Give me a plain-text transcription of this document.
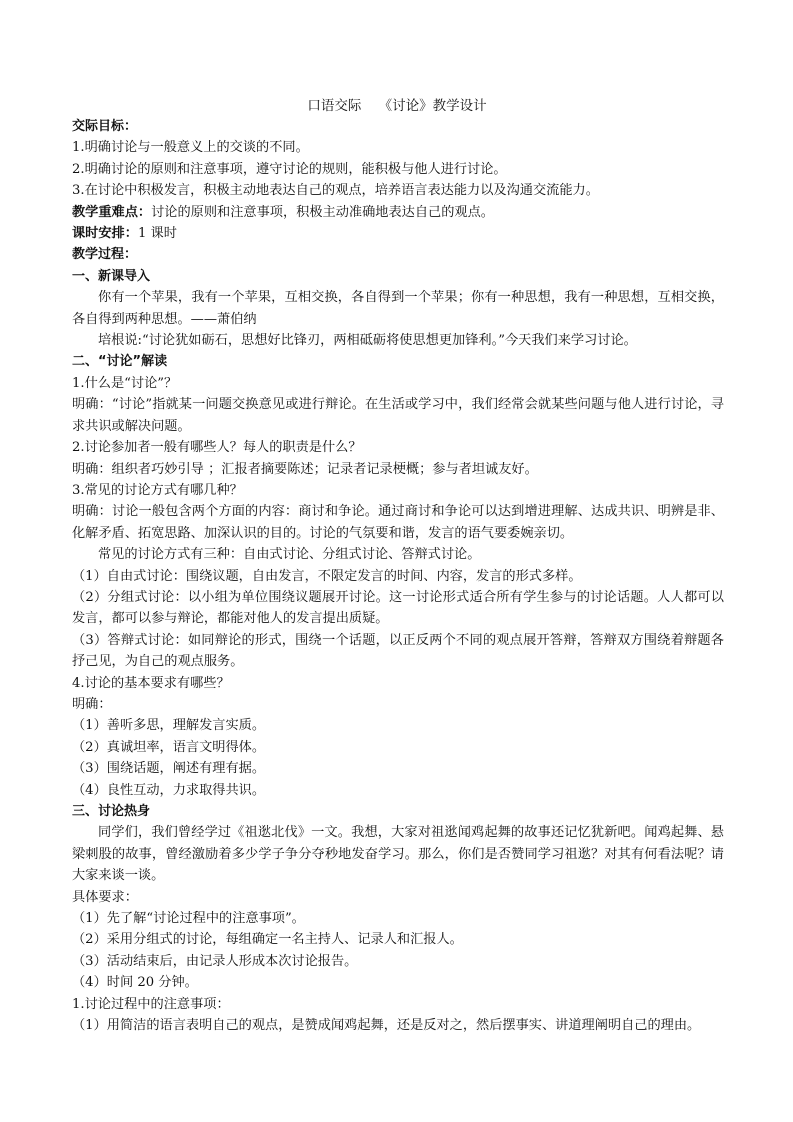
口语交际    《讨论》教学设计
交际目标：
1.明确讨论与一般意义上的交谈的不同。
2.明确讨论的原则和注意事项，遵守讨论的规则，能积极与他人进行讨论。
3.在讨论中积极发言，积极主动地表达自己的观点，培养语言表达能力以及沟通交流能力。
教学重难点：讨论的原则和注意事项，积极主动准确地表达自己的观点。
课时安排：1 课时
教学过程：
一、新课导入
你有一个苹果，我有一个苹果，互相交换，各自得到一个苹果；你有一种思想，我有一种思想，互相交换，各自得到两种思想。——萧伯纳
培根说:“讨论犹如砺石，思想好比锋刃，两相砥砺将使思想更加锋利。”今天我们来学习讨论。
二、“讨论”解读
1.什么是“讨论”？
明确：“讨论”指就某一问题交换意见或进行辩论。在生活或学习中，我们经常会就某些问题与他人进行讨论，寻求共识或解决问题。
2.讨论参加者一般有哪些人？每人的职责是什么？
明确：组织者巧妙引导 ；汇报者摘要陈述；记录者记录梗概；参与者坦诚友好。
3.常见的讨论方式有哪几种？
明确：讨论一般包含两个方面的内容：商讨和争论。通过商讨和争论可以达到增进理解、达成共识、明辨是非、化解矛盾、拓宽思路、加深认识的目的。讨论的气氛要和谐，发言的语气要委婉亲切。
常见的讨论方式有三种：自由式讨论、分组式讨论、答辩式讨论。
（1）自由式讨论：围绕议题，自由发言，不限定发言的时间、内容，发言的形式多样。
（2）分组式讨论：以小组为单位围绕议题展开讨论。这一讨论形式适合所有学生参与的讨论话题。人人都可以发言，都可以参与辩论，都能对他人的发言提出质疑。
（3）答辩式讨论：如同辩论的形式，围绕一个话题，以正反两个不同的观点展开答辩，答辩双方围绕着辩题各抒己见，为自己的观点服务。
4.讨论的基本要求有哪些？
明确：
（1）善听多思，理解发言实质。
（2）真诚坦率，语言文明得体。
（3）围绕话题，阐述有理有据。
（4）良性互动，力求取得共识。
三、讨论热身
同学们，我们曾经学过《祖逖北伐》一文。我想，大家对祖逖闻鸡起舞的故事还记忆犹新吧。闻鸡起舞、悬梁刺股的故事，曾经激励着多少学子争分夺秒地发奋学习。那么，你们是否赞同学习祖逖？对其有何看法呢？请大家来谈一谈。
具体要求：
（1）先了解“讨论过程中的注意事项”。
（2）采用分组式的讨论，每组确定一名主持人、记录人和汇报人。
（3）活动结束后，由记录人形成本次讨论报告。
（4）时间 20 分钟。
1.讨论过程中的注意事项：
（1）用简洁的语言表明自己的观点，是赞成闻鸡起舞，还是反对之，然后摆事实、讲道理阐明自己的理由。
